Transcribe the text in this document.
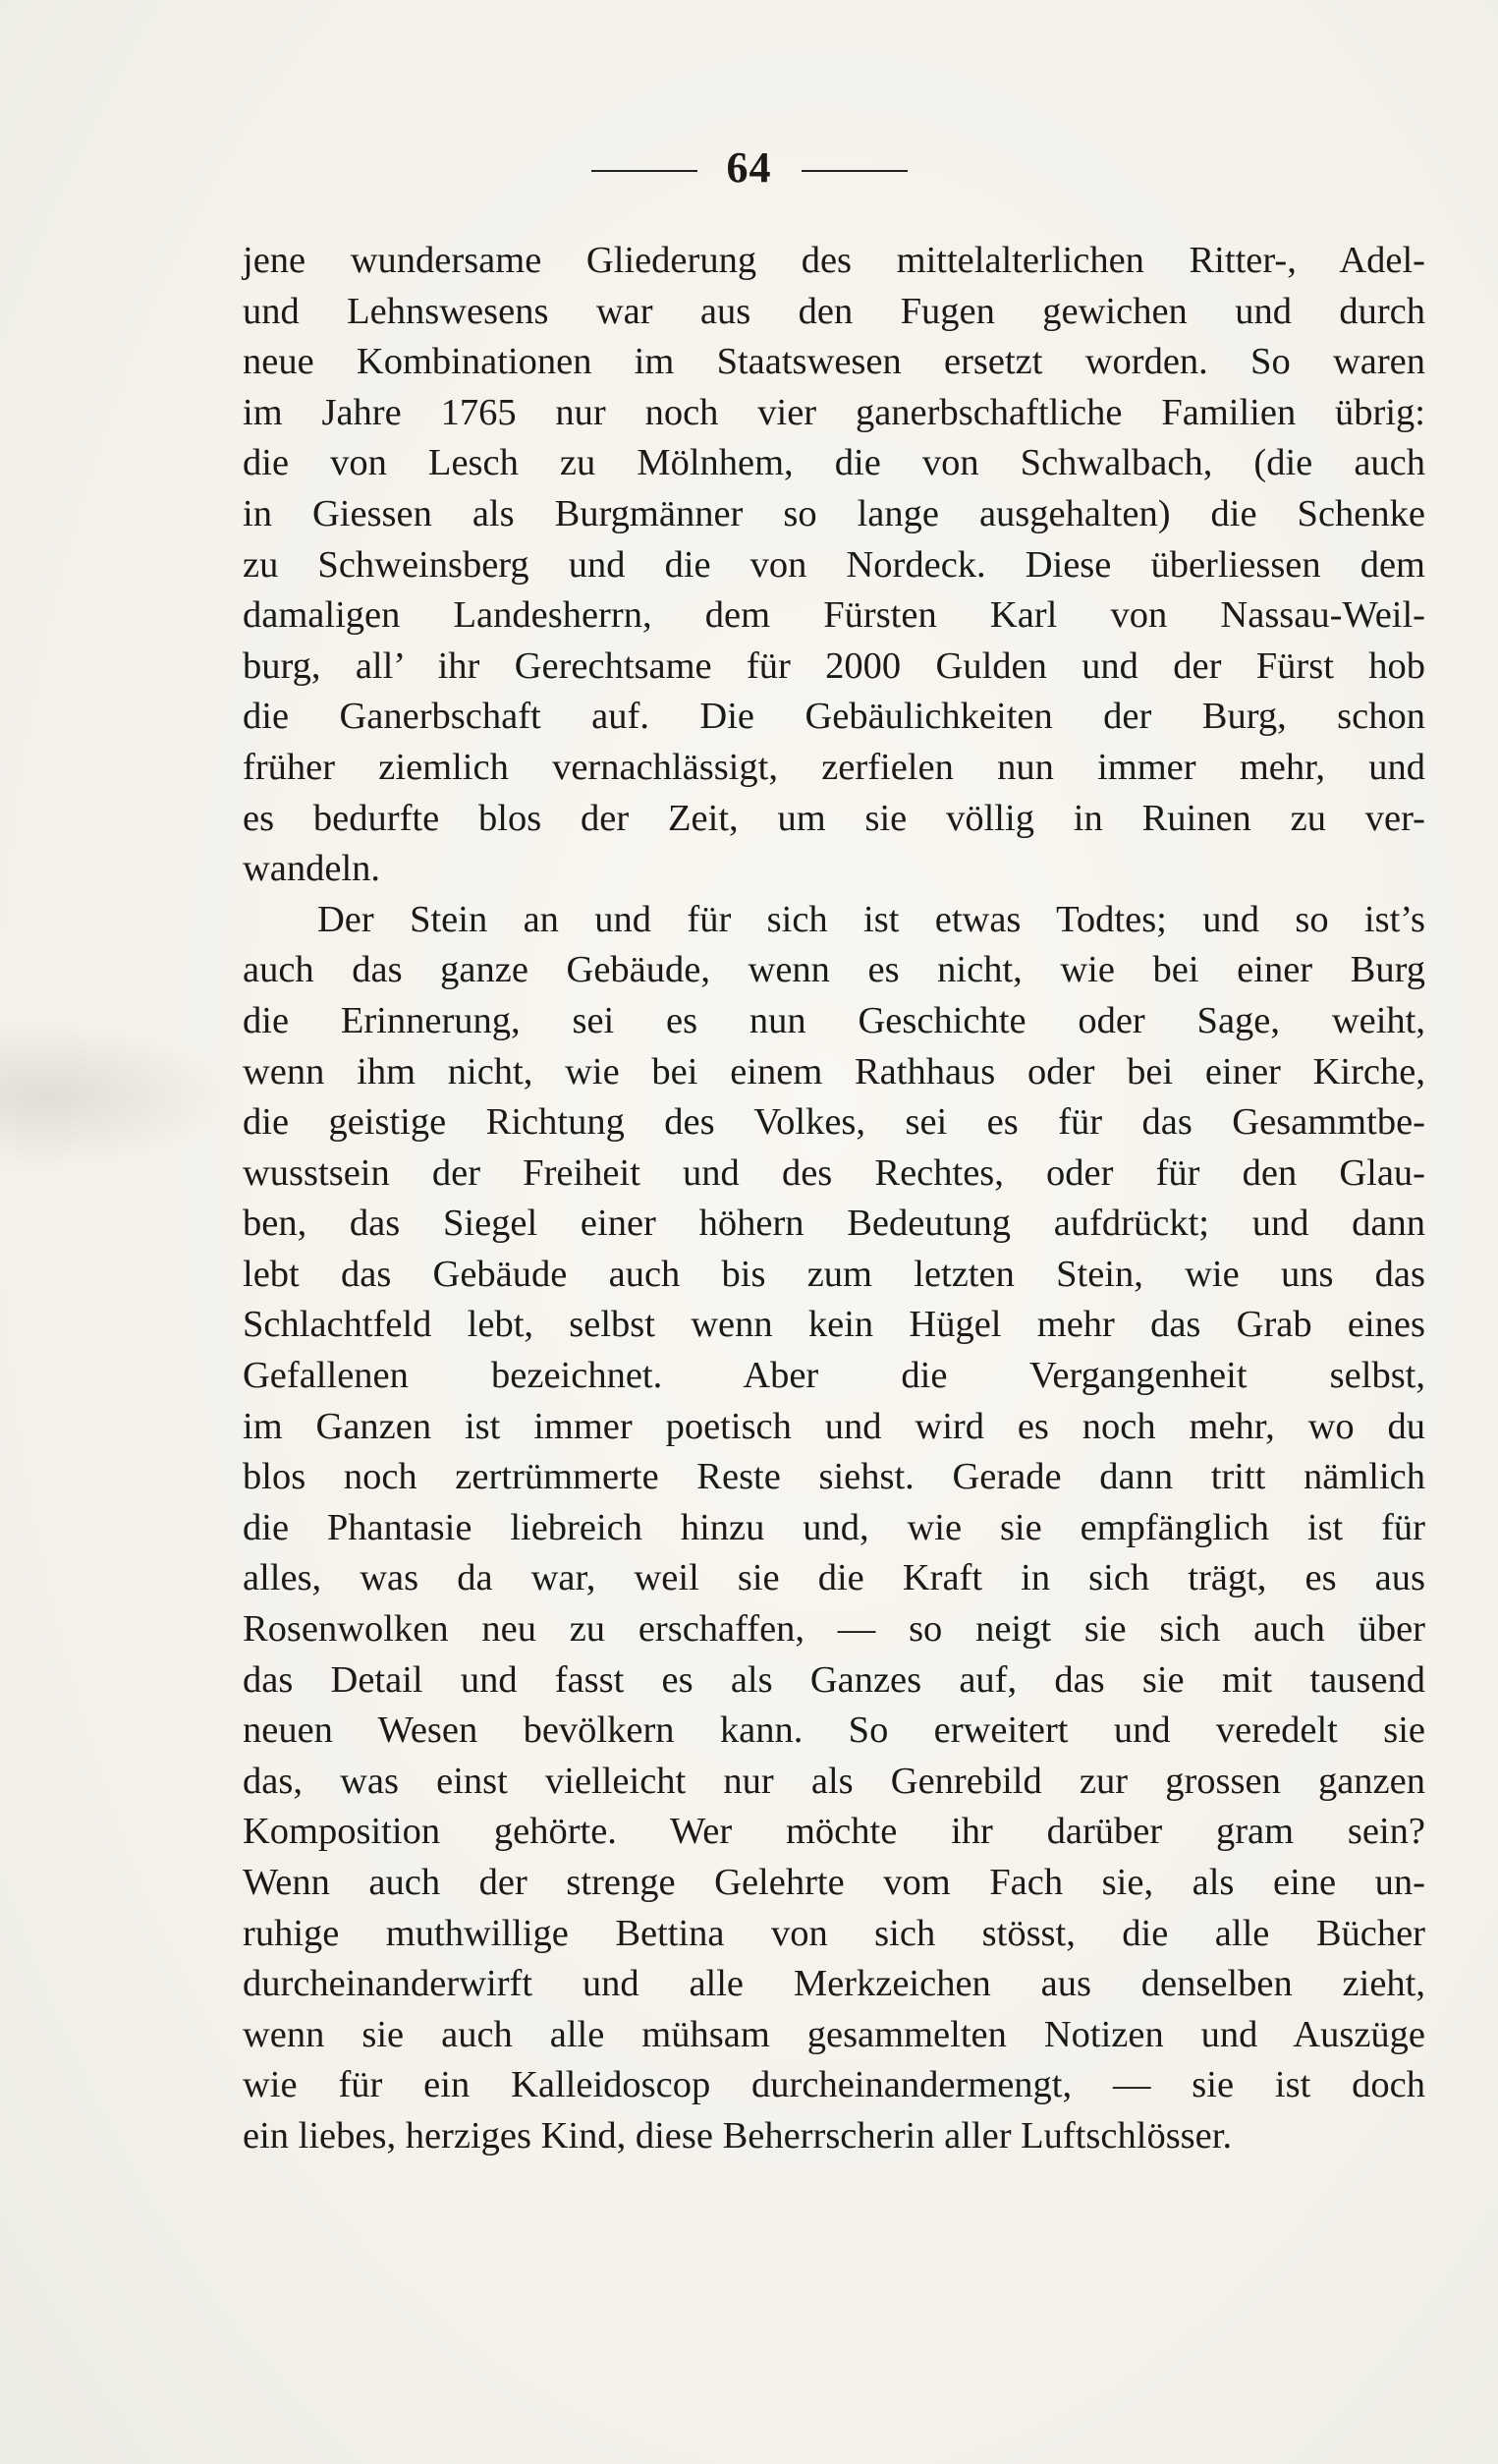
64
jene wundersame Gliederung des mittelalterlichen Ritter-, Adel-
und Lehnswesens war aus den Fugen gewichen und durch
neue Kombinationen im Staatswesen ersetzt worden. So waren
im Jahre 1765 nur noch vier ganerbschaftliche Familien übrig:
die von Lesch zu Mölnhem, die von Schwalbach, (die auch
in Giessen als Burgmänner so lange ausgehalten) die Schenke
zu Schweinsberg und die von Nordeck. Diese überliessen dem
damaligen Landesherrn, dem Fürsten Karl von Nassau-Weil-
burg, all’ ihr Gerechtsame für 2000 Gulden und der Fürst hob
die Ganerbschaft auf. Die Gebäulichkeiten der Burg, schon
früher ziemlich vernachlässigt, zerfielen nun immer mehr, und
es bedurfte blos der Zeit, um sie völlig in Ruinen zu ver-
wandeln.
Der Stein an und für sich ist etwas Todtes; und so ist’s
auch das ganze Gebäude, wenn es nicht, wie bei einer Burg
die Erinnerung, sei es nun Geschichte oder Sage, weiht,
wenn ihm nicht, wie bei einem Rathhaus oder bei einer Kirche,
die geistige Richtung des Volkes, sei es für das Gesammtbe-
wusstsein der Freiheit und des Rechtes, oder für den Glau-
ben, das Siegel einer höhern Bedeutung aufdrückt; und dann
lebt das Gebäude auch bis zum letzten Stein, wie uns das
Schlachtfeld lebt, selbst wenn kein Hügel mehr das Grab eines
Gefallenen bezeichnet. Aber die Vergangenheit selbst,
im Ganzen ist immer poetisch und wird es noch mehr, wo du
blos noch zertrümmerte Reste siehst. Gerade dann tritt nämlich
die Phantasie liebreich hinzu und, wie sie empfänglich ist für
alles, was da war, weil sie die Kraft in sich trägt, es aus
Rosenwolken neu zu erschaffen, — so neigt sie sich auch über
das Detail und fasst es als Ganzes auf, das sie mit tausend
neuen Wesen bevölkern kann. So erweitert und veredelt sie
das, was einst vielleicht nur als Genrebild zur grossen ganzen
Komposition gehörte. Wer möchte ihr darüber gram sein?
Wenn auch der strenge Gelehrte vom Fach sie, als eine un-
ruhige muthwillige Bettina von sich stösst, die alle Bücher
durcheinanderwirft und alle Merkzeichen aus denselben zieht,
wenn sie auch alle mühsam gesammelten Notizen und Auszüge
wie für ein Kalleidoscop durcheinandermengt, — sie ist doch
ein liebes, herziges Kind, diese Beherrscherin aller Luftschlösser.
